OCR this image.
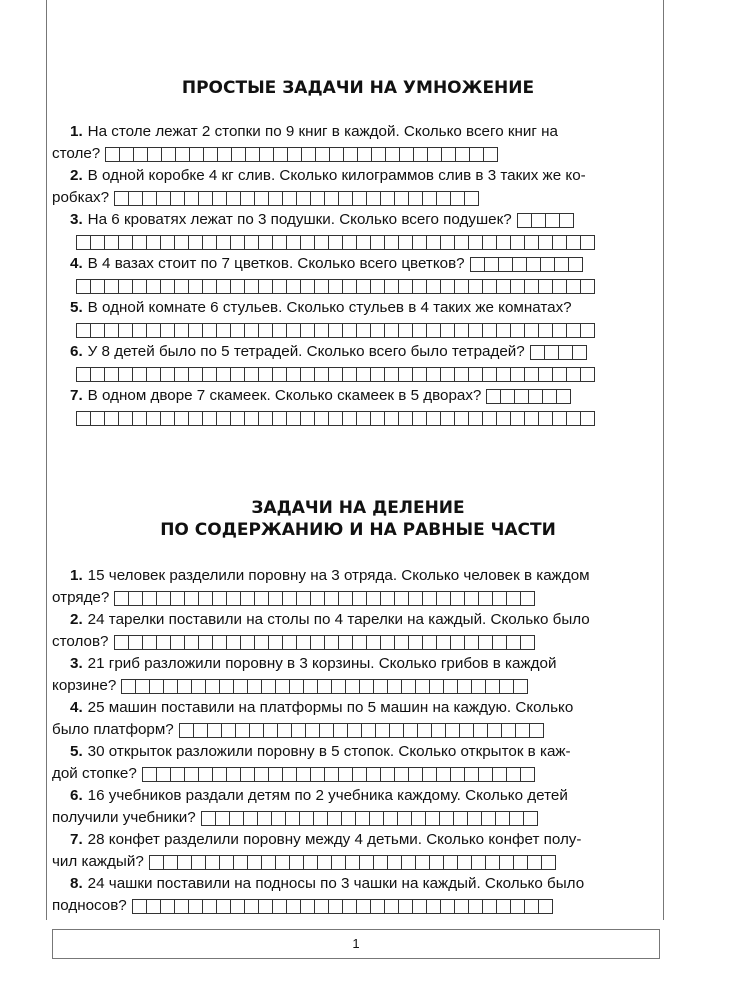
ПРОСТЫЕ ЗАДАЧИ НА УМНОЖЕНИЕ
1. На столе лежат 2 стопки по 9 книг в каждой. Сколько всего книг на
столе?
2. В одной коробке 4 кг слив. Сколько килограммов слив в 3 таких же ко-
робках?
3. На 6 кроватях лежат по 3 подушки. Сколько всего подушек?
4. В 4 вазах стоит по 7 цветков. Сколько всего цветков?
5. В одной комнате 6 стульев. Сколько стульев в 4 таких же комнатах?
6. У 8 детей было по 5 тетрадей. Сколько всего было тетрадей?
7. В одном дворе 7 скамеек. Сколько скамеек в 5 дворах?
ЗАДАЧИ НА ДЕЛЕНИЕ
ПО СОДЕРЖАНИЮ И НА РАВНЫЕ ЧАСТИ
1. 15 человек разделили поровну на 3 отряда. Сколько человек в каждом
отряде?
2. 24 тарелки поставили на столы по 4 тарелки на каждый. Сколько было
столов?
3. 21 гриб разложили поровну в 3 корзины. Сколько грибов в каждой
корзине?
4. 25 машин поставили на платформы по 5 машин на каждую. Сколько
было платформ?
5. 30 открыток разложили поровну в 5 стопок. Сколько открыток в каж-
дой стопке?
6. 16 учебников раздали детям по 2 учебника каждому. Сколько детей
получили учебники?
7. 28 конфет разделили поровну между 4 детьми. Сколько конфет полу-
чил каждый?
8. 24 чашки поставили на подносы по 3 чашки на каждый. Сколько было
подносов?
1
